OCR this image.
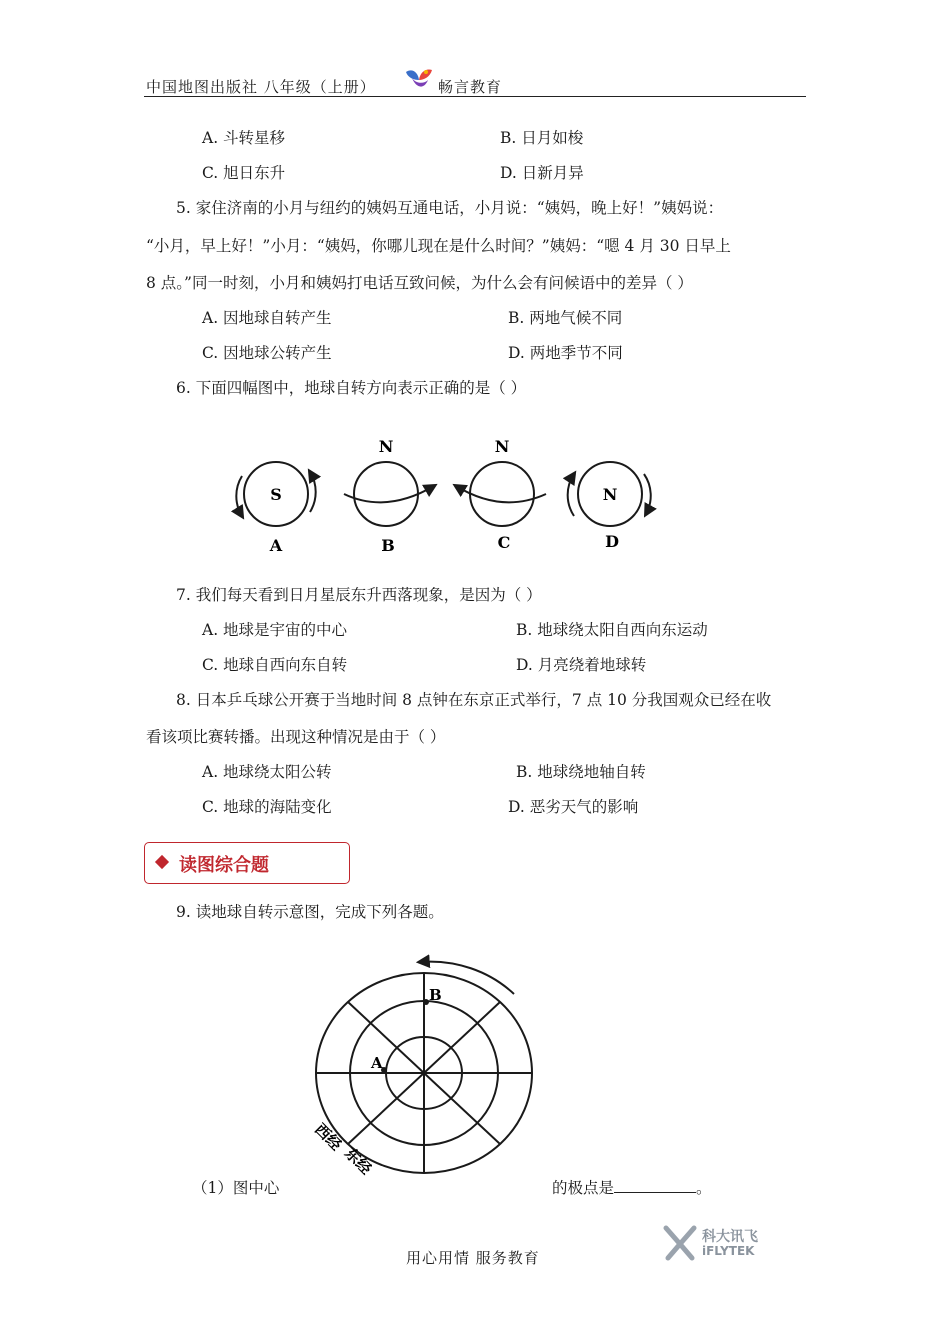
中国地图出版社 八年级（上册）	畅言教育
A. 斗转星移	B. 日月如梭
C. 旭日东升	D. 日新月异
5. 家住济南的小月与纽约的姨妈互通电话，小月说：“姨妈，晚上好！”姨妈说：
“小月，早上好！”小月：“姨妈，你哪儿现在是什么时间？”姨妈：“嗯 4 月 30 日早上
8 点。”同一时刻，小月和姨妈打电话互致问候，为什么会有问候语中的差异（ ）
A. 因地球自转产生	B. 两地气候不同
C. 因地球公转产生	D. 两地季节不同
6. 下面四幅图中，地球自转方向表示正确的是（ ）
S
A
N
B
N
C
N
D
7. 我们每天看到日月星辰东升西落现象，是因为（ ）
A. 地球是宇宙的中心	B. 地球绕太阳自西向东运动
C. 地球自西向东自转	D. 月亮绕着地球转
8. 日本乒乓球公开赛于当地时间 8 点钟在东京正式举行，7 点 10 分我国观众已经在收
看该项比赛转播。出现这种情况是由于（ ）
A. 地球绕太阳公转	B. 地球绕地轴自转
C. 地球的海陆变化	D. 恶劣天气的影响
读图综合题
9. 读地球自转示意图，完成下列各题。
B
A
西经
东经
（1）图中心	的极点是	。
用心用情 服务教育
科大讯飞
iFLYTEK
